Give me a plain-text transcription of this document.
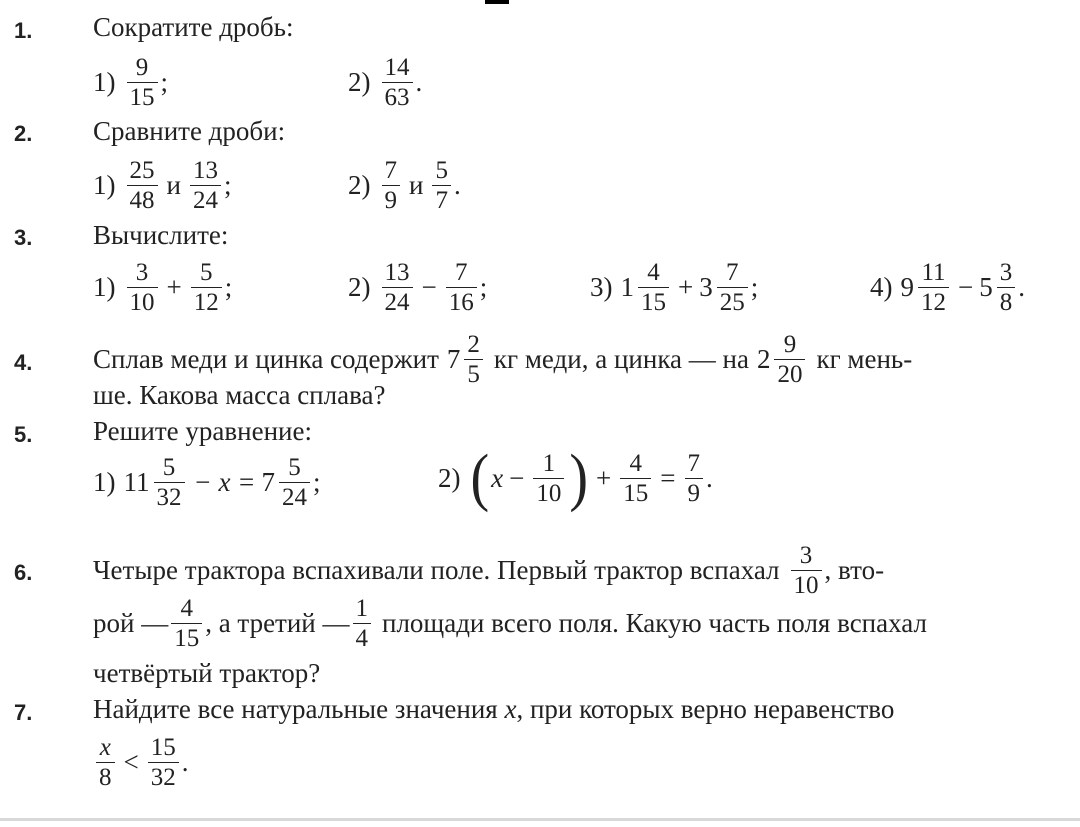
1. Сократите дробь:
$1) \frac{9}{15}$ ;	$2) \frac{14}{63}$ .
2. Сравните дроби:
$1) \frac{25}{48}$ и $\frac{13}{24}$ ;	$2) \frac{7}{9}$ и $\frac{5}{7}$ .
3. Вычислите:
$1) \frac{3}{10} + \frac{5}{12}$ ;	$2) \frac{13}{24} - \frac{7}{16}$ ;	3) $1 \frac{4}{15} + 3 \frac{7}{25}$ ;	4) $9 \frac{11}{12} - 5 \frac{3}{8}$ .
4. Сплав меди и цинка содержит $7 \frac{2}{5}$ кг меди, а цинка — на $2 \frac{9}{20}$ кг мень-
ше. Какова масса сплава?
5. Решите уравнение:
1) $11 \frac{5}{32} - x = 7 \frac{5}{24}$ ;	2) ( $x - \frac{1}{10}$ ) + $\frac{4}{15} = \frac{7}{9}$ .
6. Четыре трактора вспахивали поле. Первый трактор вспахал $\frac{3}{10}$ , вто-
рой — $\frac{4}{15}$ , а третий — $\frac{1}{4}$ площади всего поля. Какую часть поля вспахал
четвёртый трактор?
7. Найдите все натуральные значения x, при которых верно неравенство
$\frac{x}{8} < \frac{15}{32}$ .
